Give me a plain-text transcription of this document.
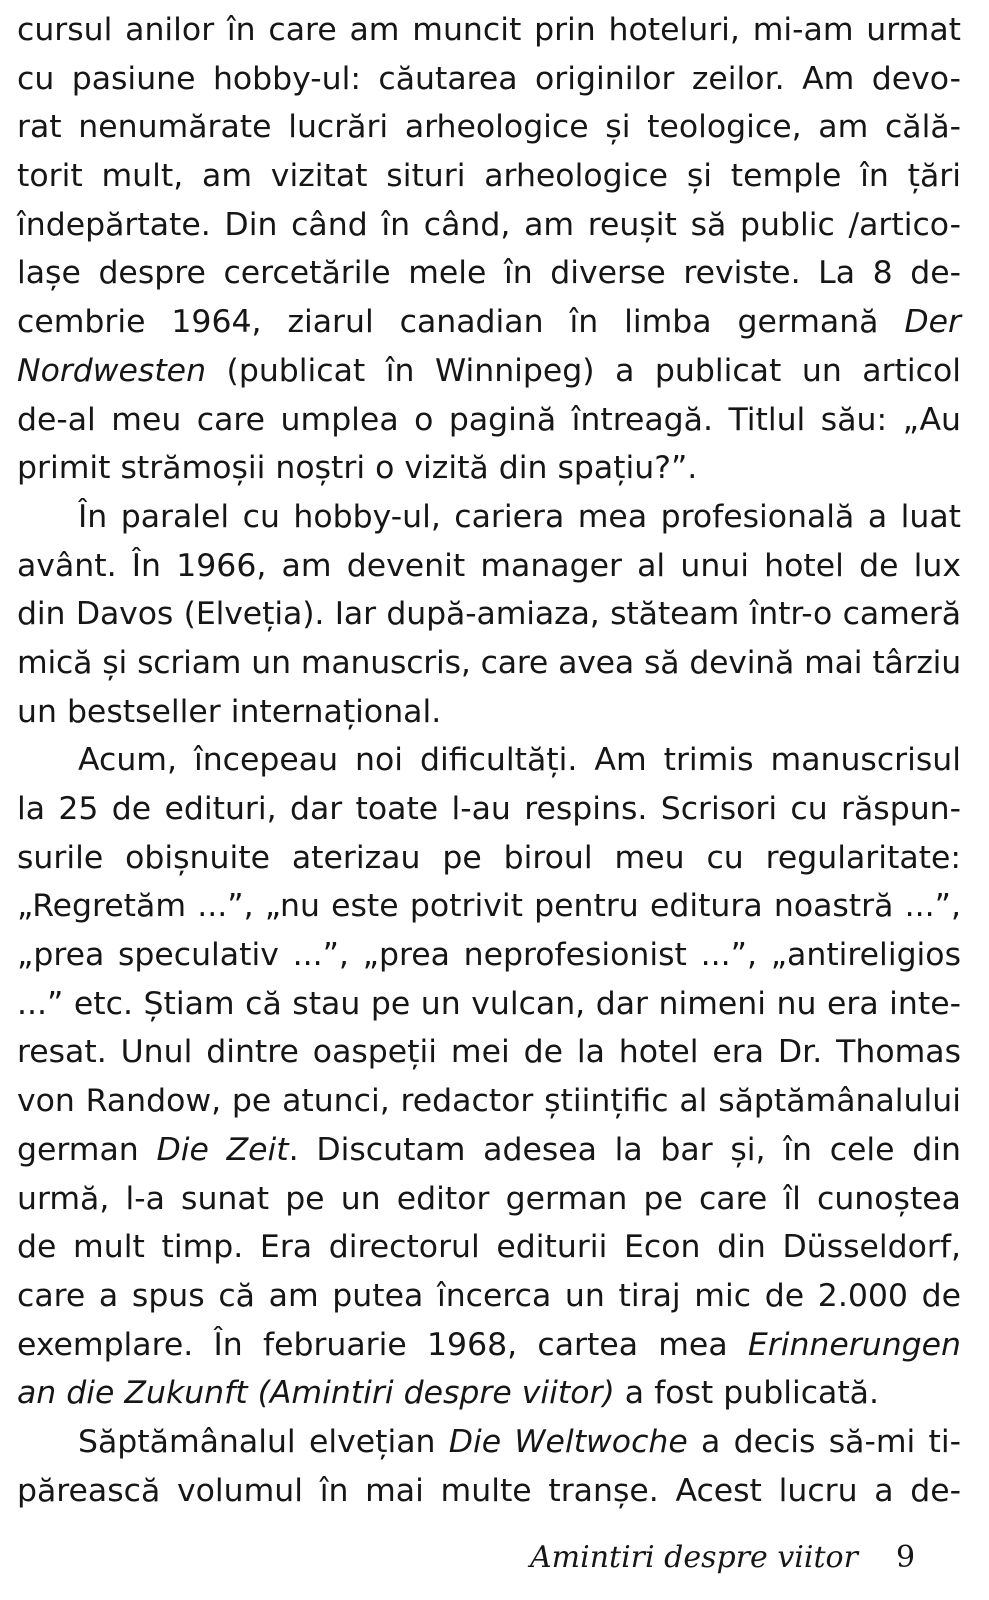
cursul anilor în care am muncit prin hoteluri, mi-am urmat
cu pasiune hobby-ul: căutarea originilor zeilor. Am devo-
rat nenumărate lucrări arheologice și teologice, am călă-
torit mult, am vizitat situri arheologice și temple în țări
îndepărtate. Din când în când, am reușit să public /artico-
lașe despre cercetările mele în diverse reviste. La 8 de-
cembrie 1964, ziarul canadian în limba germană Der
Nordwesten (publicat în Winnipeg) a publicat un articol
de-al meu care umplea o pagină întreagă. Titlul său: „Au
primit strămoșii noștri o vizită din spațiu?”.
În paralel cu hobby-ul, cariera mea profesională a luat
avânt. În 1966, am devenit manager al unui hotel de lux
din Davos (Elveția). Iar după-amiaza, stăteam într-o cameră
mică și scriam un manuscris, care avea să devină mai târziu
un bestseller internațional.
Acum, începeau noi dificultăți. Am trimis manuscrisul
la 25 de edituri, dar toate l-au respins. Scrisori cu răspun-
surile obișnuite aterizau pe biroul meu cu regularitate:
„Regretăm ...”, „nu este potrivit pentru editura noastră ...”,
„prea speculativ ...”, „prea neprofesionist ...”, „antireligios
...” etc. Știam că stau pe un vulcan, dar nimeni nu era inte-
resat. Unul dintre oaspeții mei de la hotel era Dr. Thomas
von Randow, pe atunci, redactor științific al săptămânalului
german Die Zeit. Discutam adesea la bar și, în cele din
urmă, l-a sunat pe un editor german pe care îl cunoștea
de mult timp. Era directorul editurii Econ din Düsseldorf,
care a spus că am putea încerca un tiraj mic de 2.000 de
exemplare. În februarie 1968, cartea mea Erinnerungen
an die Zukunft (Amintiri despre viitor) a fost publicată.
Săptămânalul elvețian Die Weltwoche a decis să-mi ti-
părească volumul în mai multe tranșe. Acest lucru a de-
Amintiri despre viitor 9
